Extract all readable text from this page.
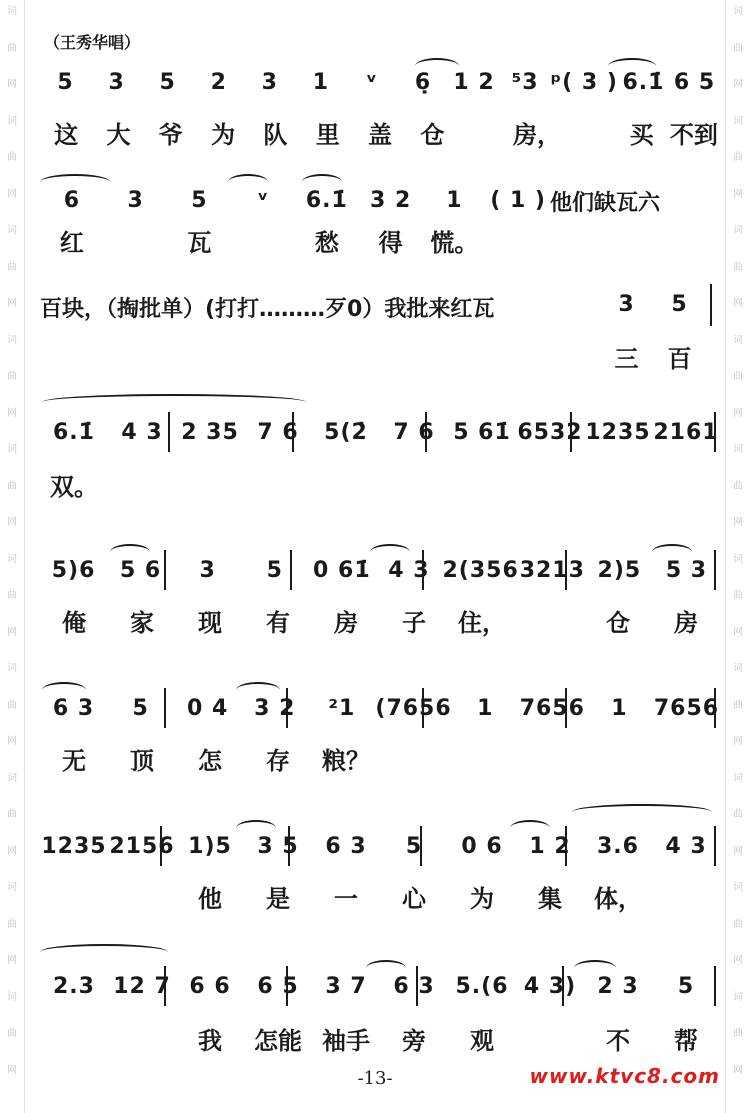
词
曲
网
词
曲
网
词
曲
网
词
曲
网
词
曲
网
词
曲
网
词
曲
网
词
曲
网
词
曲
网
词
曲
网
词
曲
网
词
曲
网
词
曲
网
词
曲
网
词
曲
网
词
曲
网
词
曲
网
词
曲
网
词
曲
网
词
曲
网
（王秀华唱）
5	3	5	2	3	1	ᵛ	6̣	1 2 ⁵3 ᵖ( 3 ) 6.1̇ 6 5
这	大	爷	为	队	里	盖	仓	房，	买 不到
6	3	5	ᵛ	6.1̇	3 2	1	( 1 ) 他们缺瓦六
红	瓦	愁	得	慌。
百块，（掏批单）(打打………歹0）我批来红瓦	3	5
三	百
6.1̇	4 3 2 35 7 6	5(2̇	7 6 5 61̇ 6532 1235 2161
双。
5)6	5 6	3	5	0 61̇ 4 3 2(356 3213 2)5	5 3
俺	家	现	有	房	子	住，	仓	房
6 3	5	0 4	3 2	²1 (7656	1	7656	1	7656
无	顶	怎	存	粮？
1235 2156 1)5	3 5	6 3	5	0 6	1 2	3.6	4 3
他	是	一	心	为	集	体，
2.3 12 7 6 6	6 5	3 7	6 3 5.(6 4 3) 2 3	5
我	怎能 袖手	旁	观	不	帮
-13-	www.ktvc8.com
